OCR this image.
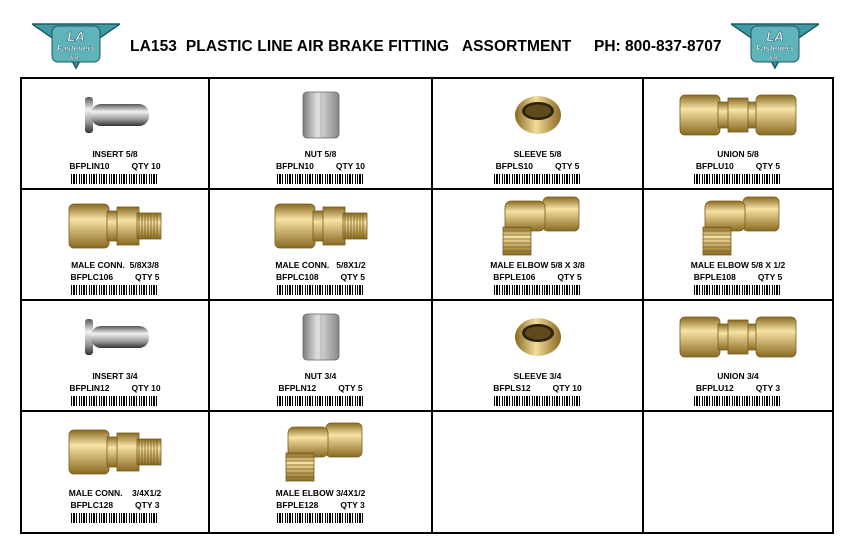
LA
Fasteners
Inc.
LA153  PLASTIC LINE AIR BRAKE FITTING   ASSORTMENT PH: 800-837-8707
LA
Fasteners
Inc.
INSERT 5/8
BFPLIN10	QTY 10
NUT 5/8
BFPLN10	QTY 10
SLEEVE 5/8
BFPLS10	QTY 5
UNION 5/8
BFPLU10	QTY 5
MALE CONN.  5/8X3/8
BFPLC106	QTY 5
MALE CONN.   5/8X1/2
BFPLC108	QTY 5
MALE ELBOW 5/8 X 3/8
BFPLE106	QTY 5
MALE ELBOW 5/8 X 1/2
BFPLE108	QTY 5
INSERT 3/4
BFPLIN12	QTY 10
NUT 3/4
BFPLN12	QTY 5
SLEEVE 3/4
BFPLS12	QTY 10
UNION 3/4
BFPLU12	QTY 3
MALE CONN.    3/4X1/2
BFPLC128	QTY 3
MALE ELBOW 3/4X1/2
BFPLE128	QTY 3
